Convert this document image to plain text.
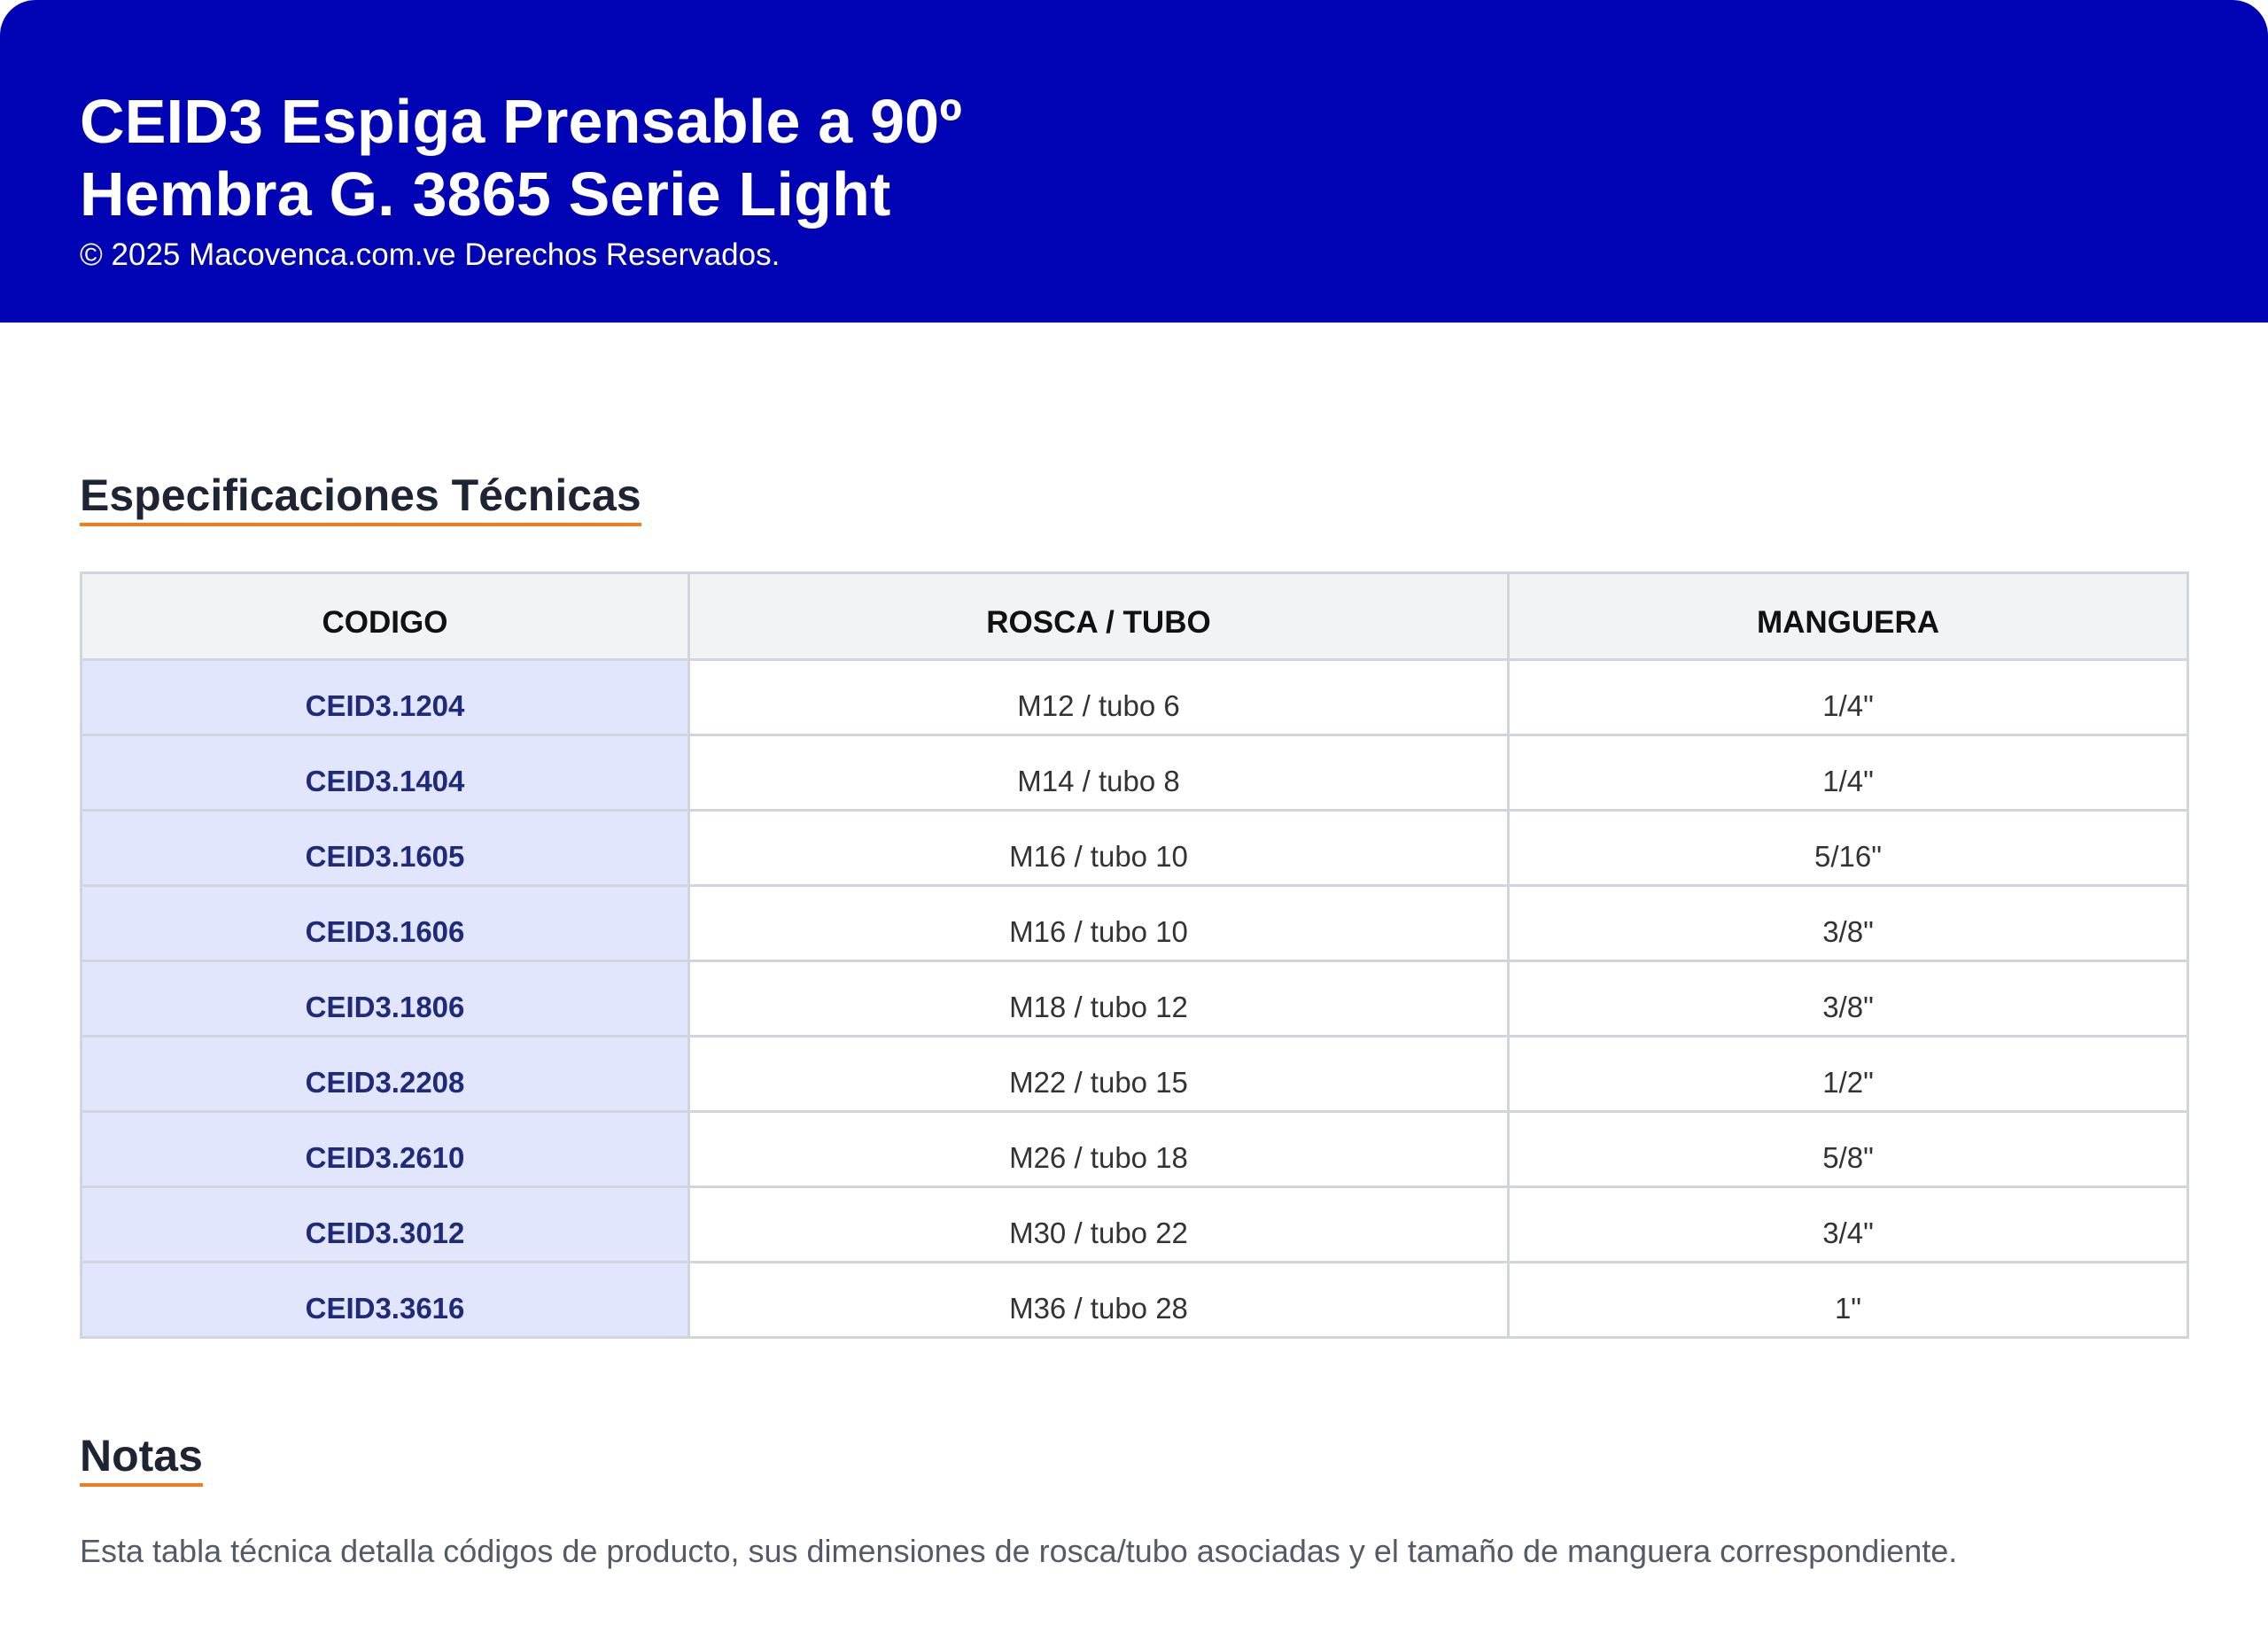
CEID3 Espiga Prensable a 90º
Hembra G. 3865 Serie Light
© 2025 Macovenca.com.ve Derechos Reservados.
Especificaciones Técnicas
CODIGO	ROSCA / TUBO	MANGUERA
CEID3.1204	M12 / tubo 6	1/4"
CEID3.1404	M14 / tubo 8	1/4"
CEID3.1605	M16 / tubo 10	5/16"
CEID3.1606	M16 / tubo 10	3/8"
CEID3.1806	M18 / tubo 12	3/8"
CEID3.2208	M22 / tubo 15	1/2"
CEID3.2610	M26 / tubo 18	5/8"
CEID3.3012	M30 / tubo 22	3/4"
CEID3.3616	M36 / tubo 28	1"
Notas

Esta tabla técnica detalla códigos de producto, sus dimensiones de rosca/tubo asociadas y el tamaño de manguera correspondiente.
